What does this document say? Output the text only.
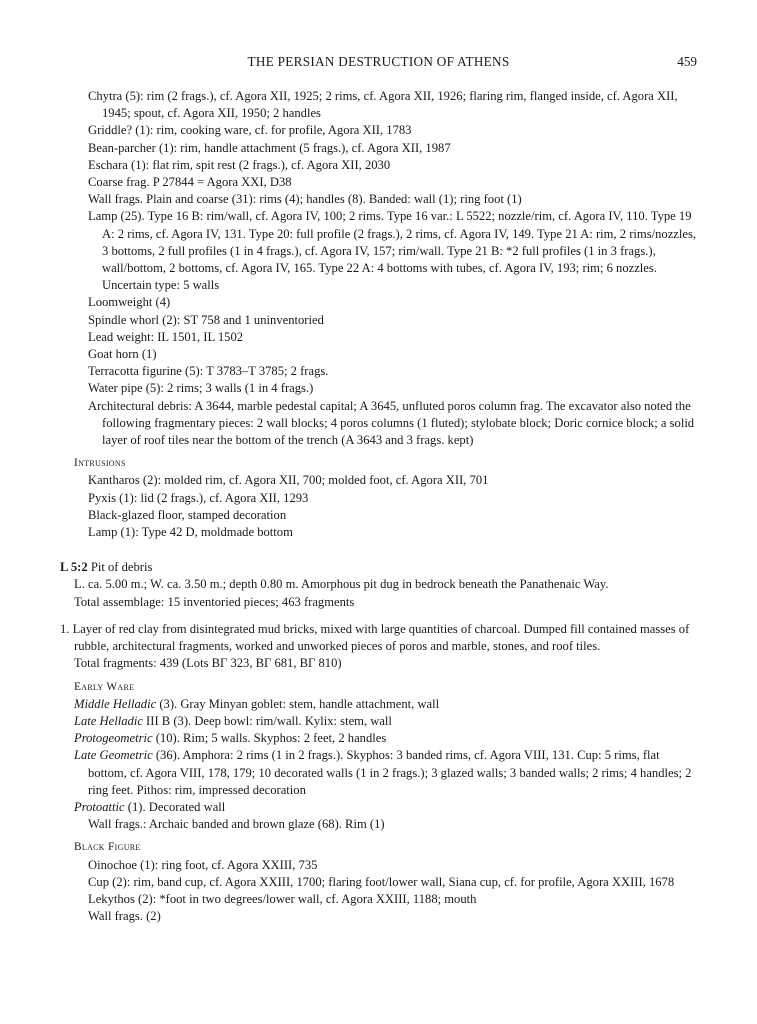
THE PERSIAN DESTRUCTION OF ATHENS	459
Chytra (5): rim (2 frags.), cf. Agora XII, 1925; 2 rims, cf. Agora XII, 1926; flaring rim, flanged inside, cf. Agora XII, 1945; spout, cf. Agora XII, 1950; 2 handles
Griddle? (1): rim, cooking ware, cf. for profile, Agora XII, 1783
Bean-parcher (1): rim, handle attachment (5 frags.), cf. Agora XII, 1987
Eschara (1): flat rim, spit rest (2 frags.), cf. Agora XII, 2030
Coarse frag. P 27844 = Agora XXI, D38
Wall frags. Plain and coarse (31): rims (4); handles (8). Banded: wall (1); ring foot (1)
Lamp (25). Type 16 B: rim/wall, cf. Agora IV, 100; 2 rims. Type 16 var.: L 5522; nozzle/rim, cf. Agora IV, 110. Type 19 A: 2 rims, cf. Agora IV, 131. Type 20: full profile (2 frags.), 2 rims, cf. Agora IV, 149. Type 21 A: rim, 2 rims/nozzles, 3 bottoms, 2 full profiles (1 in 4 frags.), cf. Agora IV, 157; rim/wall. Type 21 B: *2 full profiles (1 in 3 frags.), wall/bottom, 2 bottoms, cf. Agora IV, 165. Type 22 A: 4 bottoms with tubes, cf. Agora IV, 193; rim; 6 nozzles. Uncertain type: 5 walls
Loomweight (4)
Spindle whorl (2): ST 758 and 1 uninventoried
Lead weight: IL 1501, IL 1502
Goat horn (1)
Terracotta figurine (5): T 3783–T 3785; 2 frags.
Water pipe (5): 2 rims; 3 walls (1 in 4 frags.)
Architectural debris: A 3644, marble pedestal capital; A 3645, unfluted poros column frag. The excavator also noted the following fragmentary pieces: 2 wall blocks; 4 poros columns (1 fluted); stylobate block; Doric cornice block; a solid layer of roof tiles near the bottom of the trench (A 3643 and 3 frags. kept)
Intrusions
Kantharos (2): molded rim, cf. Agora XII, 700; molded foot, cf. Agora XII, 701
Pyxis (1): lid (2 frags.), cf. Agora XII, 1293
Black-glazed floor, stamped decoration
Lamp (1): Type 42 D, moldmade bottom
L 5:2 Pit of debris
L. ca. 5.00 m.; W. ca. 3.50 m.; depth 0.80 m. Amorphous pit dug in bedrock beneath the Panathenaic Way.
Total assemblage: 15 inventoried pieces; 463 fragments
1. Layer of red clay from disintegrated mud bricks, mixed with large quantities of charcoal. Dumped fill contained masses of rubble, architectural fragments, worked and unworked pieces of poros and marble, stones, and roof tiles.
Total fragments: 439 (Lots ΒΓ 323, ΒΓ 681, ΒΓ 810)
Early Ware
Middle Helladic (3). Gray Minyan goblet: stem, handle attachment, wall
Late Helladic III B (3). Deep bowl: rim/wall. Kylix: stem, wall
Protogeometric (10). Rim; 5 walls. Skyphos: 2 feet, 2 handles
Late Geometric (36). Amphora: 2 rims (1 in 2 frags.). Skyphos: 3 banded rims, cf. Agora VIII, 131. Cup: 5 rims, flat bottom, cf. Agora VIII, 178, 179; 10 decorated walls (1 in 2 frags.); 3 glazed walls; 3 banded walls; 2 rims; 4 handles; 2 ring feet. Pithos: rim, impressed decoration
Protoattic (1). Decorated wall
Wall frags.: Archaic banded and brown glaze (68). Rim (1)
Black Figure
Oinochoe (1): ring foot, cf. Agora XXIII, 735
Cup (2): rim, band cup, cf. Agora XXIII, 1700; flaring foot/lower wall, Siana cup, cf. for profile, Agora XXIII, 1678
Lekythos (2): *foot in two degrees/lower wall, cf. Agora XXIII, 1188; mouth
Wall frags. (2)
